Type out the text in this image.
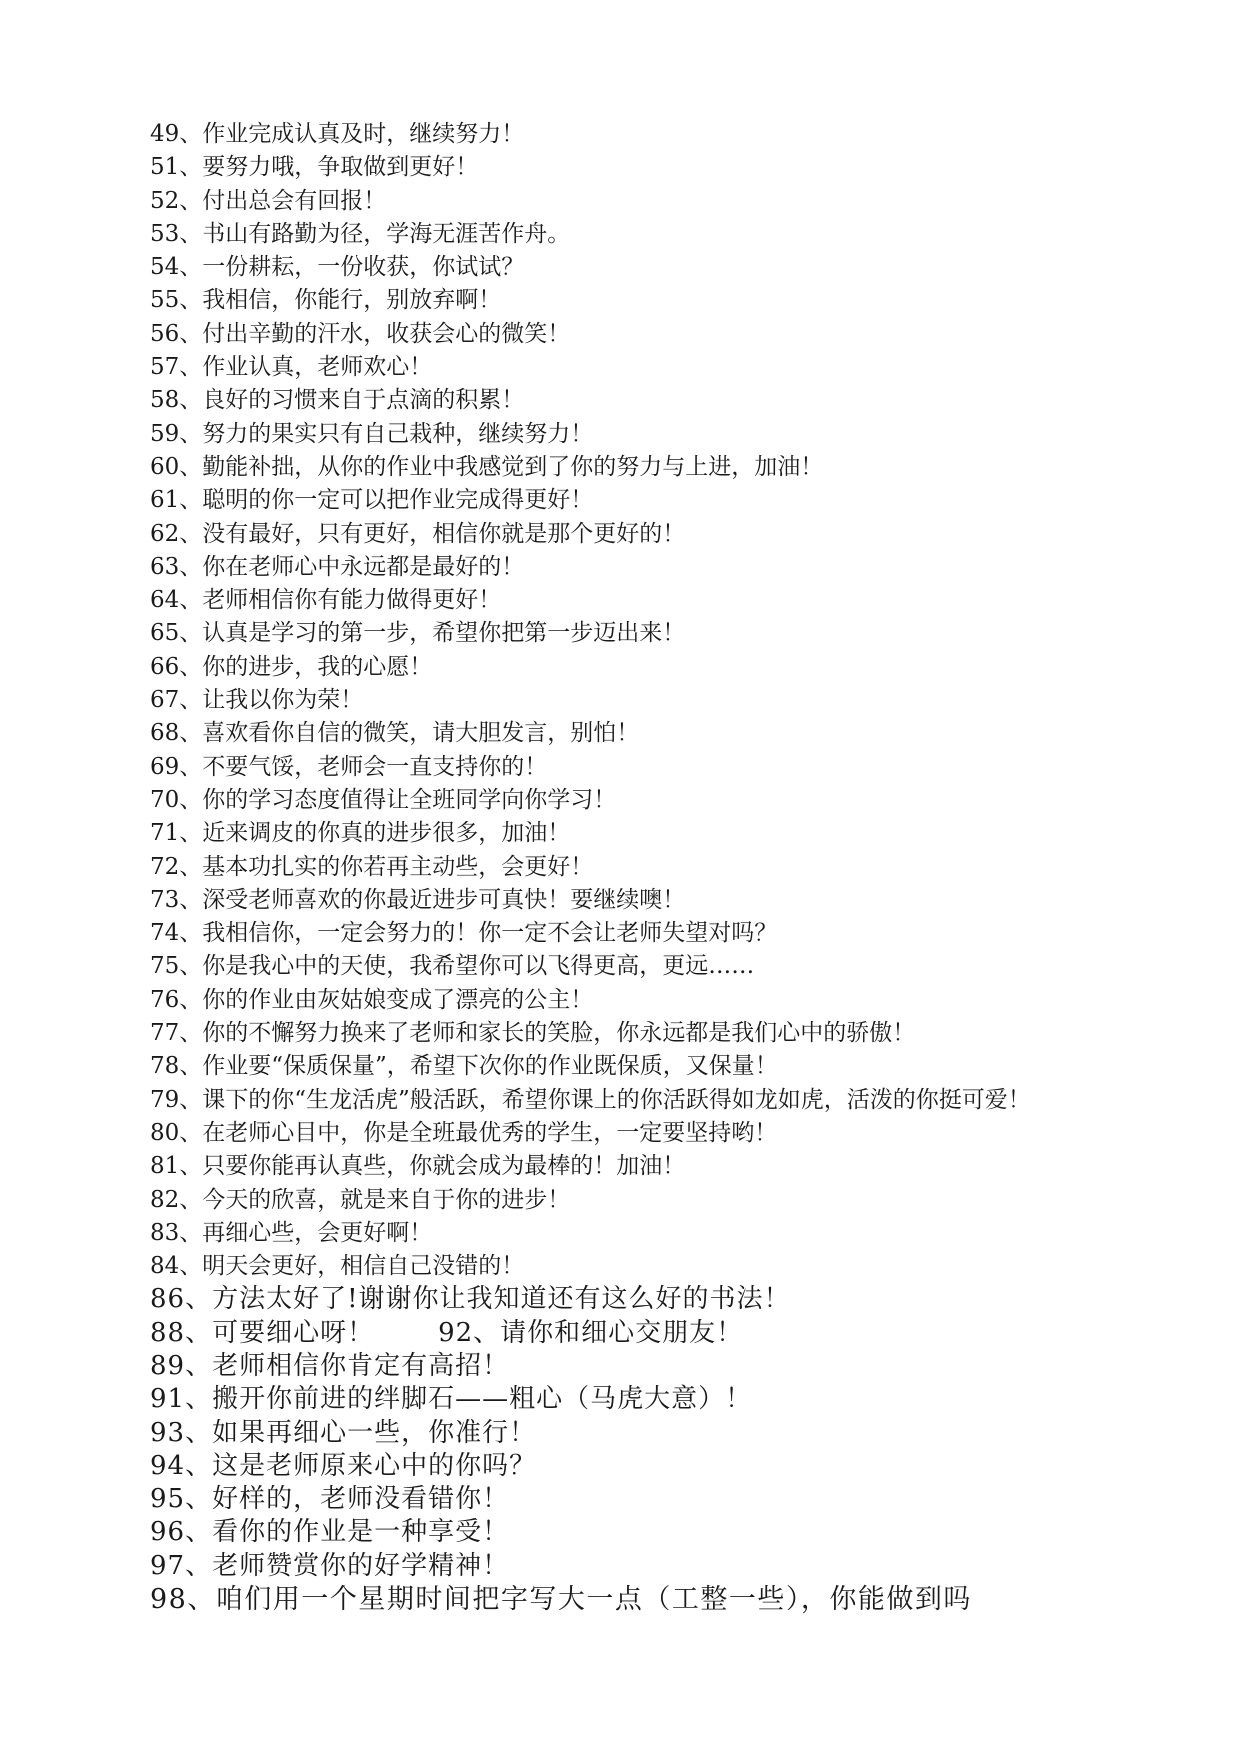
49、作业完成认真及时，继续努力！
51、要努力哦，争取做到更好！
52、付出总会有回报！
53、书山有路勤为径，学海无涯苦作舟。
54、一份耕耘，一份收获，你试试？
55、我相信，你能行，别放弃啊！
56、付出辛勤的汗水，收获会心的微笑！
57、作业认真，老师欢心！
58、良好的习惯来自于点滴的积累！
59、努力的果实只有自己栽种，继续努力！
60、勤能补拙，从你的作业中我感觉到了你的努力与上进，加油！
61、聪明的你一定可以把作业完成得更好！
62、没有最好，只有更好，相信你就是那个更好的！
63、你在老师心中永远都是最好的！
64、老师相信你有能力做得更好！
65、认真是学习的第一步，希望你把第一步迈出来！
66、你的进步，我的心愿！
67、让我以你为荣！
68、喜欢看你自信的微笑，请大胆发言，别怕！
69、不要气馁，老师会一直支持你的！
70、你的学习态度值得让全班同学向你学习！
71、近来调皮的你真的进步很多，加油！
72、基本功扎实的你若再主动些，会更好！
73、深受老师喜欢的你最近进步可真快！要继续噢！
74、我相信你，一定会努力的！你一定不会让老师失望对吗？
75、你是我心中的天使，我希望你可以飞得更高，更远……
76、你的作业由灰姑娘变成了漂亮的公主！
77、你的不懈努力换来了老师和家长的笑脸，你永远都是我们心中的骄傲！
78、作业要“保质保量”，希望下次你的作业既保质，又保量！
79、课下的你“生龙活虎”般活跃，希望你课上的你活跃得如龙如虎，活泼的你挺可爱！
80、在老师心目中，你是全班最优秀的学生，一定要坚持哟！
81、只要你能再认真些，你就会成为最棒的！加油！
82、今天的欣喜，就是来自于你的进步！
83、再细心些，会更好啊！
84、明天会更好，相信自己没错的！
86、方法太好了!谢谢你让我知道还有这么好的书法！
88、可要细心呀！ 92、请你和细心交朋友！
89、老师相信你肯定有高招！
91、搬开你前进的绊脚石——粗心（马虎大意）！
93、如果再细心一些，你准行！
94、这是老师原来心中的你吗？
95、好样的，老师没看错你！
96、看你的作业是一种享受！
97、老师赞赏你的好学精神！
98、咱们用一个星期时间把字写大一点（工整一些），你能做到吗
